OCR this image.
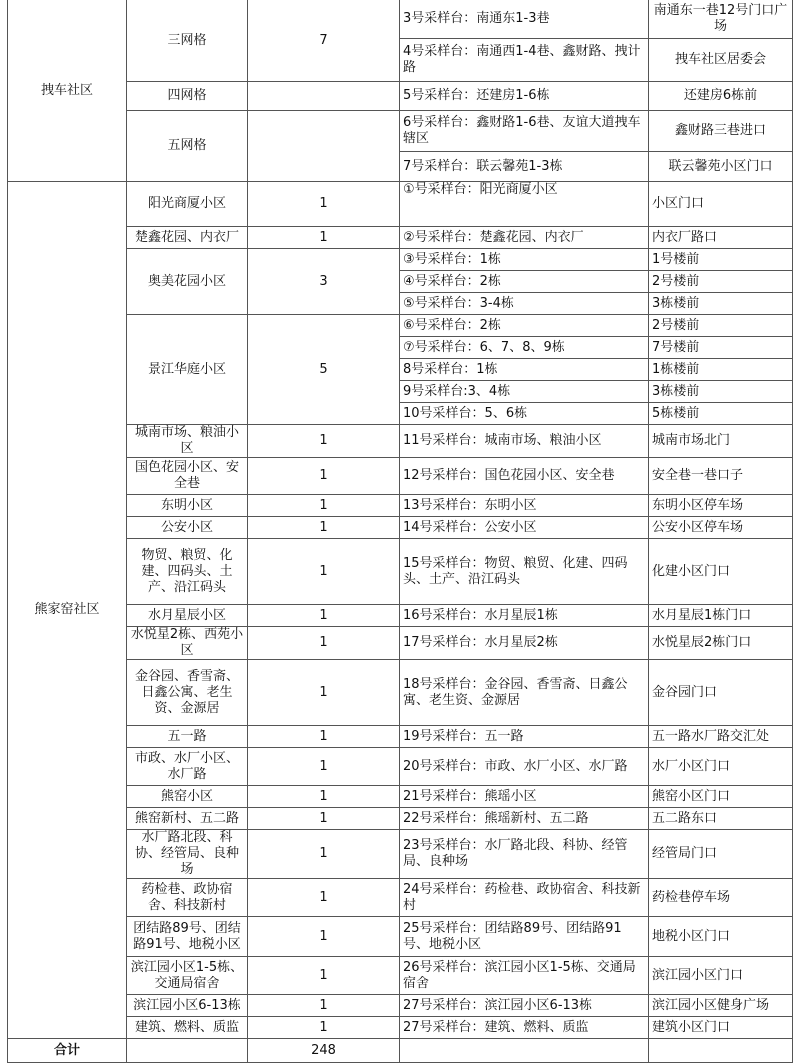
拽车社区	三网格	7	3号采样台：南通东1-3巷	南通东一巷12号门口广场
			4号采样台：南通西1-4巷、鑫财路、拽计路	拽车社区居委会
	四网格		5号采样台：还建房1-6栋	还建房6栋前
	五网格		6号采样台：鑫财路1-6巷、友谊大道拽车辖区	鑫财路三巷进口
			7号采样台：联云馨苑1-3栋	联云馨苑小区门口
熊家窑社区	阳光商厦小区	1	①号采样台：阳光商厦小区	小区门口
	楚鑫花园、内衣厂	1	②号采样台：楚鑫花园、内衣厂	内衣厂路口
	奥美花园小区	3	③号采样台：1栋	1号楼前
			④号采样台：2栋	2号楼前
			⑤号采样台：3-4栋	3栋楼前
	景江华庭小区	5	⑥号采样台：2栋	2号楼前
			⑦号采样台：6、7、8、9栋	7号楼前
			8号采样台：1栋	1栋楼前
			9号采样台:3、4栋	3栋楼前
			10号采样台：5、6栋	5栋楼前
	城南市场、粮油小区	1	11号采样台：城南市场、粮油小区	城南市场北门
	国色花园小区、安全巷	1	12号采样台：国色花园小区、安全巷	安全巷一巷口子
	东明小区	1	13号采样台：东明小区	东明小区停车场
	公安小区	1	14号采样台：公安小区	公安小区停车场
	物贸、粮贸、化建、四码头、土产、沿江码头	1	15号采样台：物贸、粮贸、化建、四码头、土产、沿江码头	化建小区门口
	水月星辰小区	1	16号采样台：水月星辰1栋	水月星辰1栋门口
	水悦星2栋、西苑小区	1	17号采样台：水月星辰2栋	水悦星辰2栋门口
	金谷园、香雪斋、日鑫公寓、老生资、金源居	1	18号采样台：金谷园、香雪斋、日鑫公寓、老生资、金源居	金谷园门口
	五一路	1	19号采样台：五一路	五一路水厂路交汇处
	市政、水厂小区、水厂路	1	20号采样台：市政、水厂小区、水厂路	水厂小区门口
	熊窑小区	1	21号采样台：熊瑶小区	熊窑小区门口
	熊窑新村、五二路	1	22号采样台：熊瑶新村、五二路	五二路东口
	水厂路北段、科协、经管局、良种场	1	23号采样台：水厂路北段、科协、经管局、良种场	经管局门口
	药检巷、政协宿舍、科技新村	1	24号采样台：药检巷、政协宿舍、科技新村	药检巷停车场
	团结路89号、团结路91号、地税小区	1	25号采样台：团结路89号、团结路91号、地税小区	地税小区门口
	滨江园小区1-5栋、交通局宿舍	1	26号采样台：滨江园小区1-5栋、交通局宿舍	滨江园小区门口
	滨江园小区6-13栋	1	27号采样台：滨江园小区6-13栋	滨江园小区健身广场
	建筑、燃料、质监	1	27号采样台：建筑、燃料、质监	建筑小区门口
合计		248		
